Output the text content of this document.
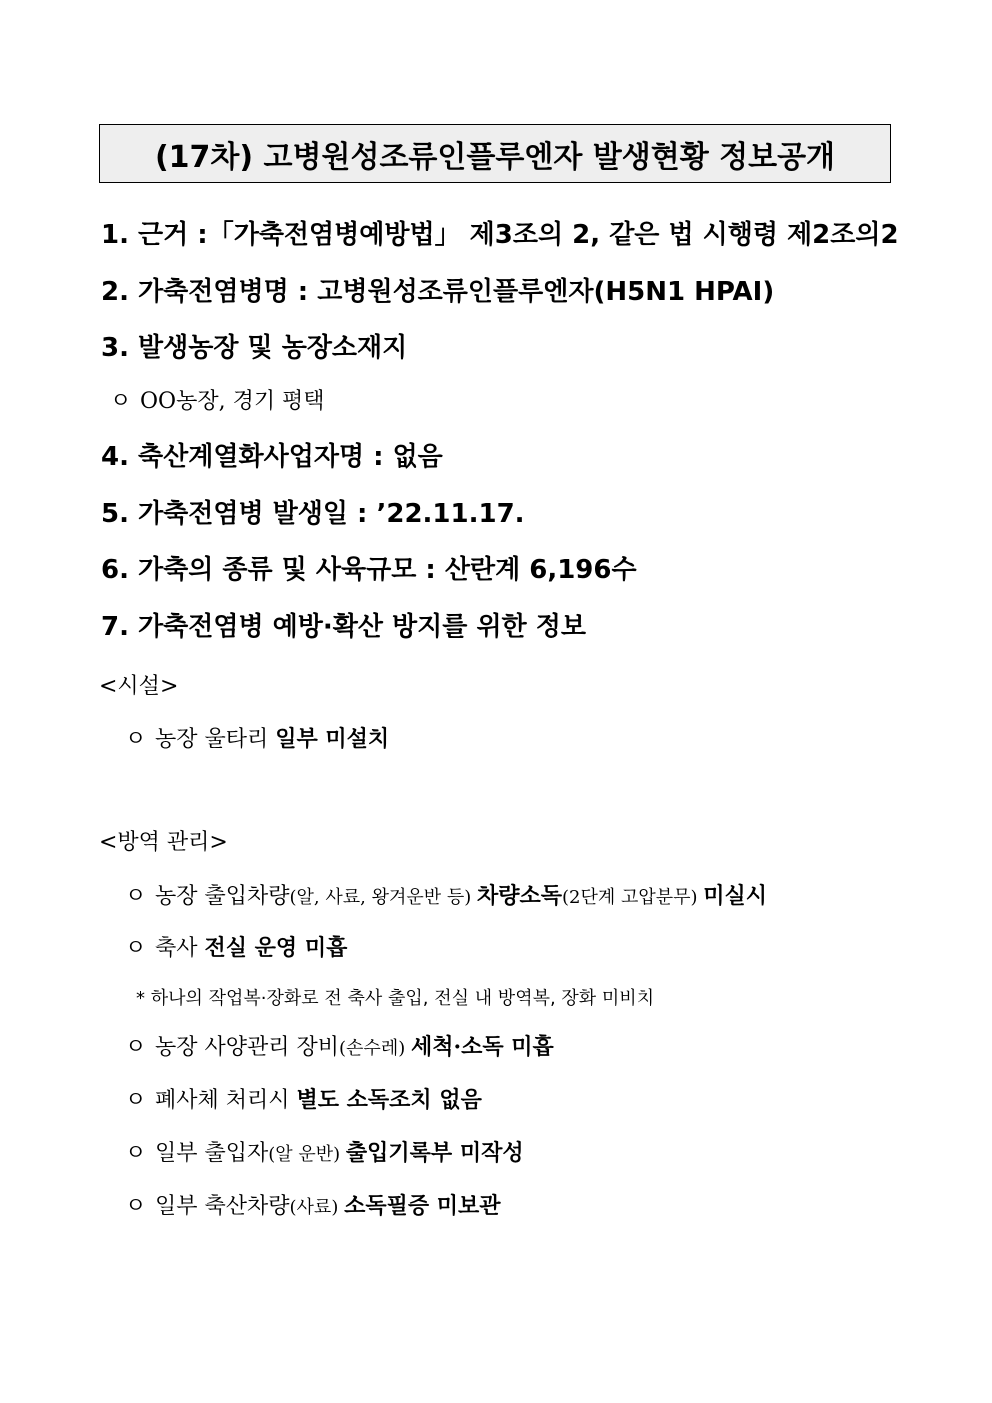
(17차) 고병원성조류인플루엔자 발생현황 정보공개
1. 근거 :「가축전염병예방법」 제3조의 2, 같은 법 시행령 제2조의2
2. 가축전염병명 : 고병원성조류인플루엔자(H5N1 HPAI)
3. 발생농장 및 농장소재지
ㅇ OO농장, 경기 평택
4. 축산계열화사업자명 : 없음
5. 가축전염병 발생일 : ’22.11.17.
6. 가축의 종류 및 사육규모 : 산란계 6,196수
7. 가축전염병 예방·확산 방지를 위한 정보
<시설>
ㅇ 농장 울타리 일부 미설치
<방역 관리>
ㅇ 농장 출입차량(알, 사료, 왕겨운반 등) 차량소독(2단계 고압분무) 미실시
ㅇ 축사 전실 운영 미흡
* 하나의 작업복·장화로 전 축사 출입, 전실 내 방역복, 장화 미비치
ㅇ 농장 사양관리 장비(손수레) 세척·소독 미흡
ㅇ 폐사체 처리시 별도 소독조치 없음
ㅇ 일부 출입자(알 운반) 출입기록부 미작성
ㅇ 일부 축산차량(사료) 소독필증 미보관
